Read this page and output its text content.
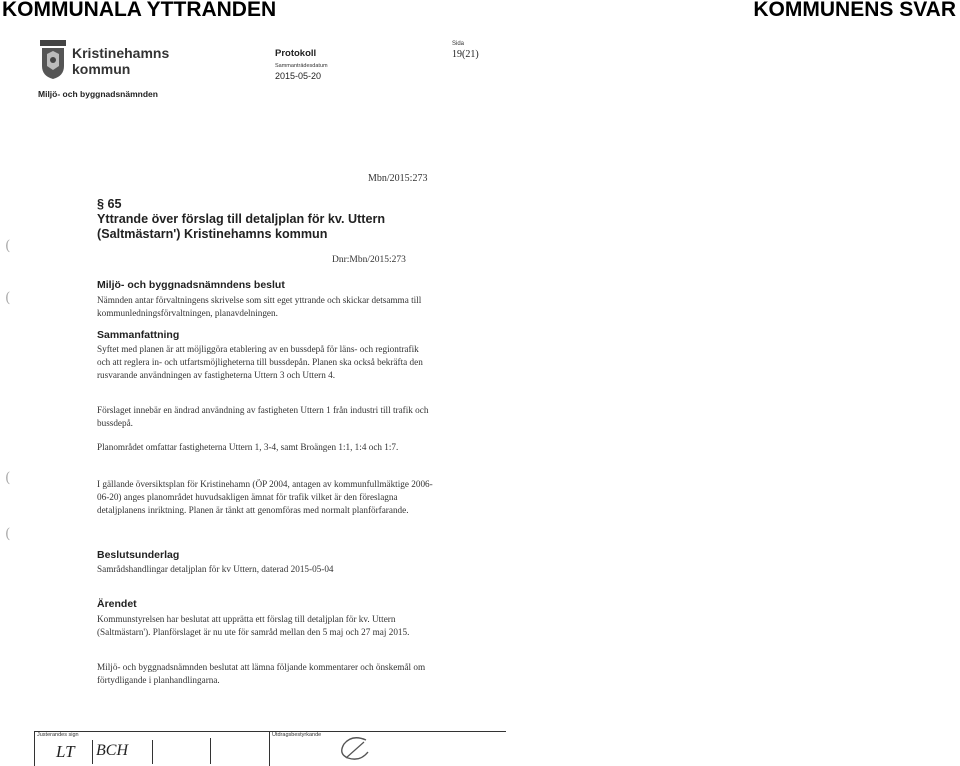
KOMMUNALA YTTRANDEN	KOMMUNENS SVAR
Kristinehamns
kommun
Miljö- och byggnadsnämnden
Protokoll
Sammanträdesdatum
2015-05-20
Sida
19(21)
Mbn/2015:273
§ 65
Yttrande över förslag till detaljplan för kv. Uttern
(Saltmästarn') Kristinehamns kommun
Dnr:Mbn/2015:273
Miljö- och byggnadsnämndens beslut
Nämnden antar förvaltningens skrivelse som sitt eget yttrande och skickar detsamma till kommunledningsförvaltningen, planavdelningen.
Sammanfattning
Syftet med planen är att möjliggöra etablering av en bussdepå för läns- och regiontrafik och att reglera in- och utfartsmöjligheterna till bussdepån. Planen ska också bekräfta den rusvarande användningen av fastigheterna Uttern 3 och Uttern 4.
Förslaget innebär en ändrad användning av fastigheten Uttern 1 från industri till trafik och bussdepå.
Planområdet omfattar fastigheterna Uttern 1, 3-4, samt Broängen 1:1, 1:4 och 1:7.
I gällande översiktsplan för Kristinehamn (ÖP 2004, antagen av kommunfullmäktige 2006-06-20) anges planområdet huvudsakligen ämnat för trafik vilket är den föreslagna detaljplanens inriktning. Planen är tänkt att genomföras med normalt planförfarande.
Beslutsunderlag
Samrådshandlingar detaljplan för kv Uttern, daterad 2015-05-04
Ärendet
Kommunstyrelsen har beslutat att upprätta ett förslag till detaljplan för kv. Uttern (Saltmästarn'). Planförslaget är nu ute för samråd mellan den 5 maj och 27 maj 2015.
Miljö- och byggnadsnämnden beslutat att lämna följande kommentarer och önskemål om förtydligande i planhandlingarna.
(
(
(
(
Justerandes sign	Utdragsbestyrkande
LT BCH
